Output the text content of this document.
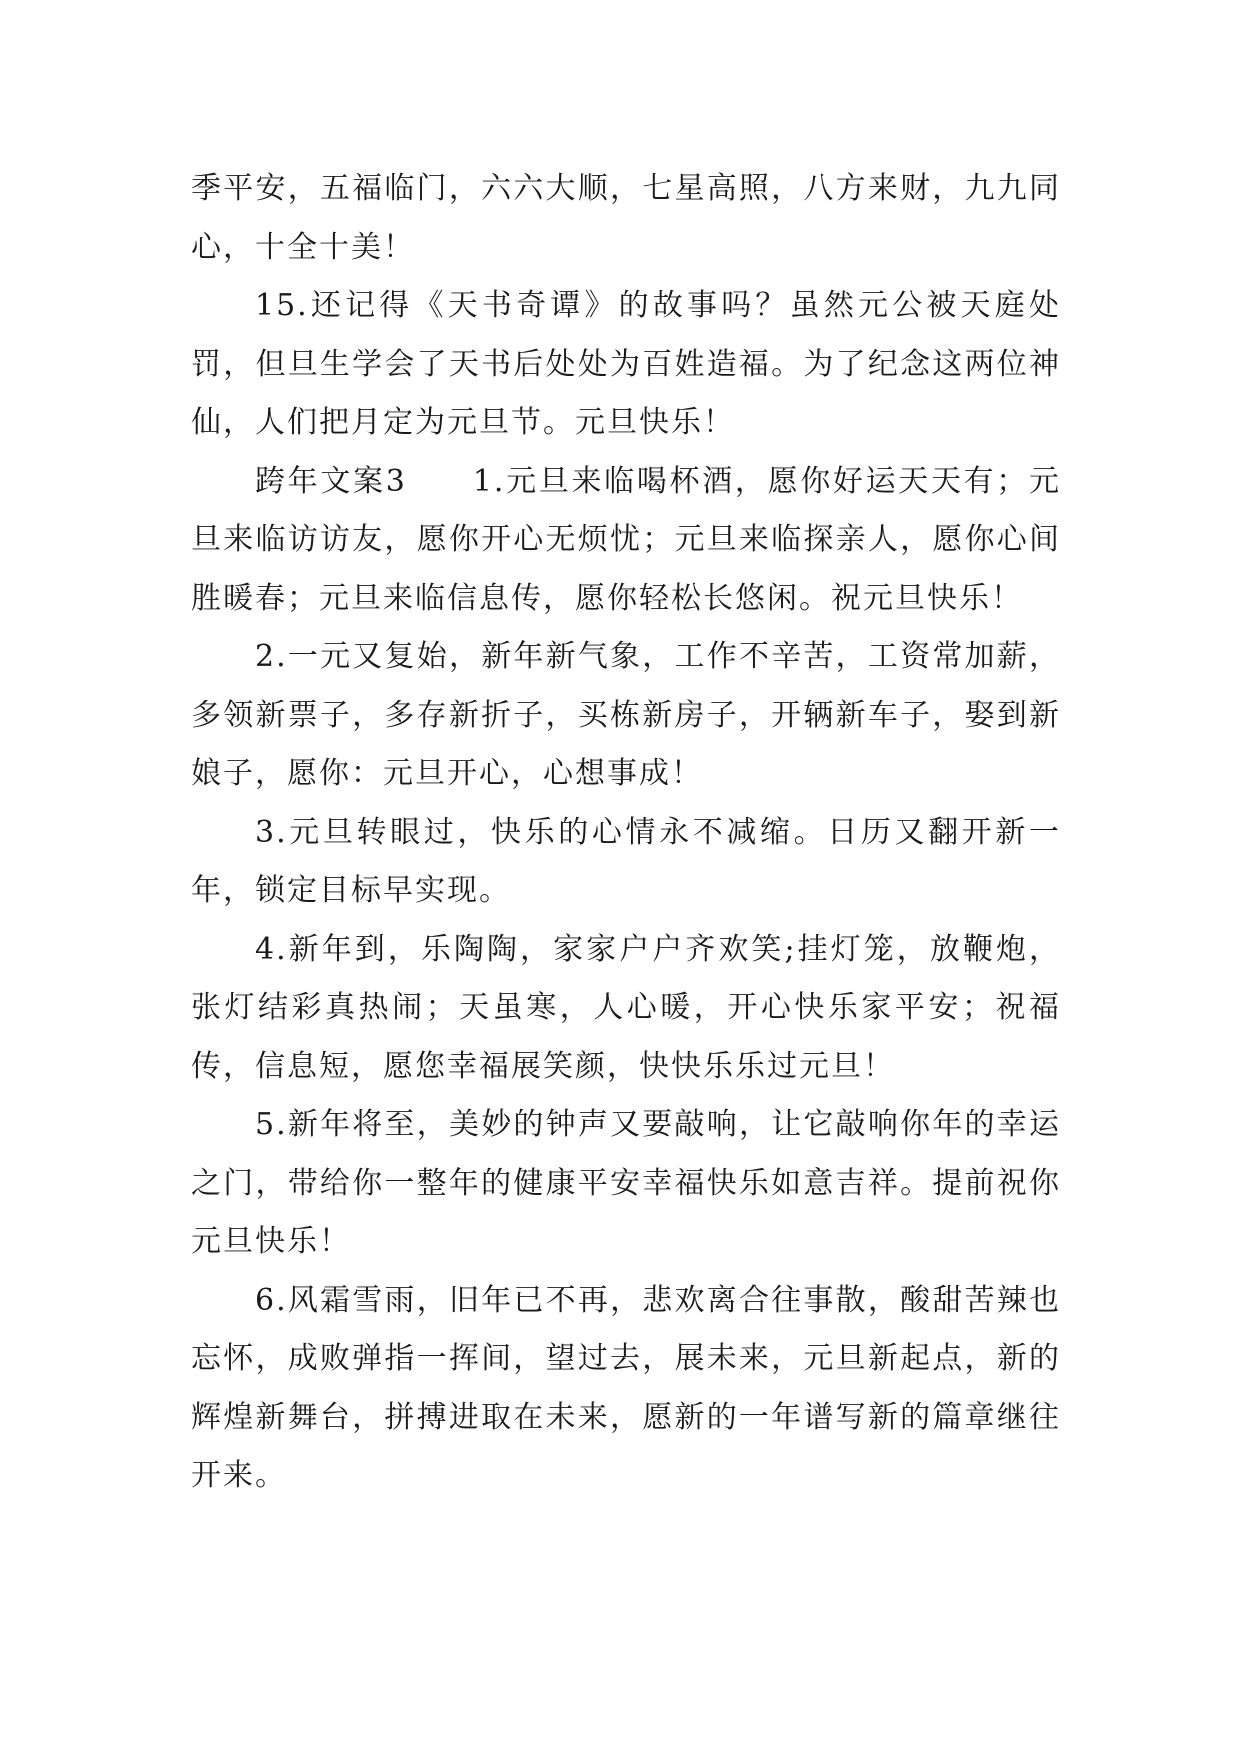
季平安，五福临门，六六大顺，七星高照，八方来财，九九同心，十全十美！

15.还记得《天书奇谭》的故事吗？虽然元公被天庭处罚，但旦生学会了天书后处处为百姓造福。为了纪念这两位神仙，人们把月定为元旦节。元旦快乐！

跨年文案3　　1.元旦来临喝杯酒，愿你好运天天有；元旦来临访访友，愿你开心无烦忧；元旦来临探亲人，愿你心间胜暖春；元旦来临信息传，愿你轻松长悠闲。祝元旦快乐！

2.一元又复始，新年新气象，工作不辛苦，工资常加薪，多领新票子，多存新折子，买栋新房子，开辆新车子，娶到新娘子，愿你：元旦开心，心想事成！

3.元旦转眼过，快乐的心情永不减缩。日历又翻开新一年，锁定目标早实现。

4.新年到，乐陶陶，家家户户齐欢笑;挂灯笼，放鞭炮，张灯结彩真热闹；天虽寒，人心暖，开心快乐家平安；祝福传，信息短，愿您幸福展笑颜，快快乐乐过元旦！

5.新年将至，美妙的钟声又要敲响，让它敲响你年的幸运之门，带给你一整年的健康平安幸福快乐如意吉祥。提前祝你元旦快乐！

6.风霜雪雨，旧年已不再，悲欢离合往事散，酸甜苦辣也忘怀，成败弹指一挥间，望过去，展未来，元旦新起点，新的辉煌新舞台，拼搏进取在未来，愿新的一年谱写新的篇章继往开来。
